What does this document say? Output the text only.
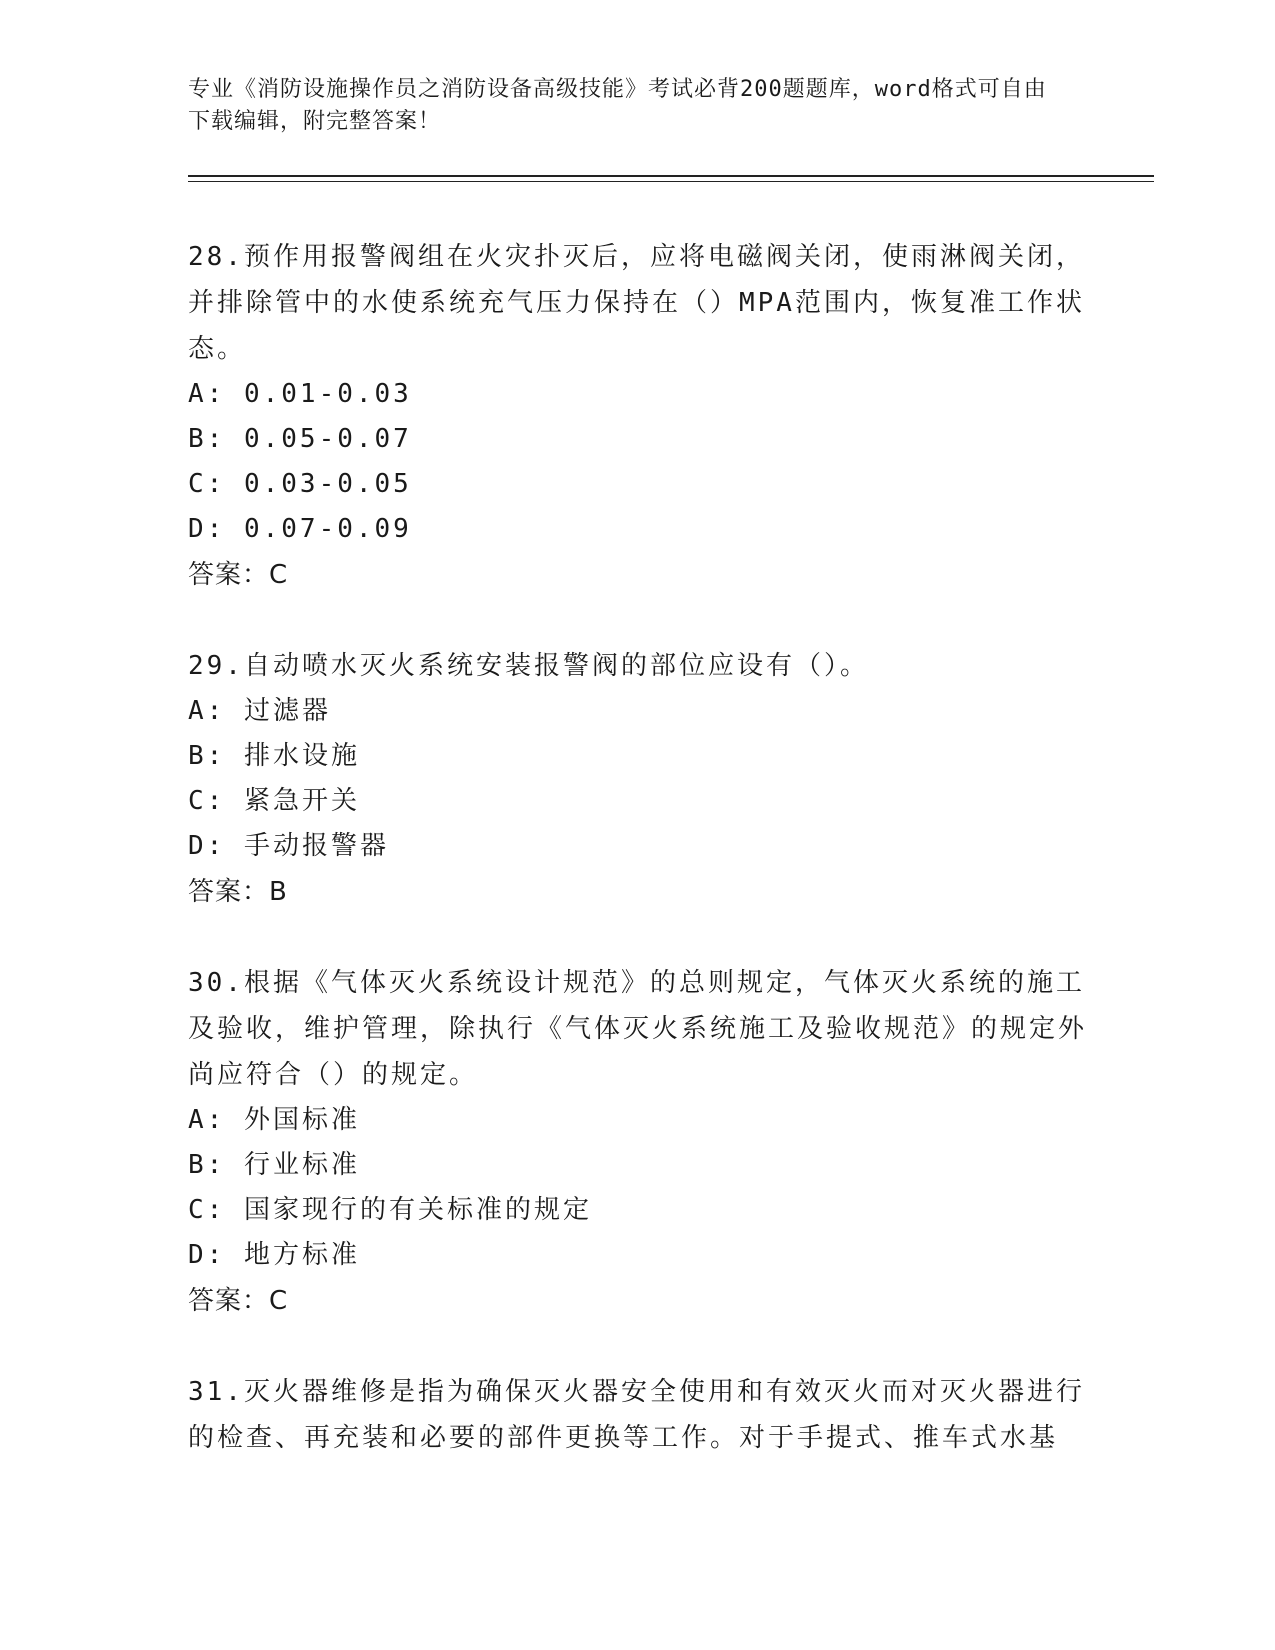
专业《消防设施操作员之消防设备高级技能》考试必背200题题库，word格式可自由下载编辑，附完整答案！
28.预作用报警阀组在火灾扑灭后，应将电磁阀关闭，使雨淋阀关闭，并排除管中的水使系统充气压力保持在（）MPA范围内，恢复准工作状态。
A: 0.01-0.03
B: 0.05-0.07
C: 0.03-0.05
D: 0.07-0.09
答案：C
29.自动喷水灭火系统安装报警阀的部位应设有（）。
A: 过滤器
B: 排水设施
C: 紧急开关
D: 手动报警器
答案：B
30.根据《气体灭火系统设计规范》的总则规定，气体灭火系统的施工及验收，维护管理，除执行《气体灭火系统施工及验收规范》的规定外尚应符合（）的规定。
A: 外国标准
B: 行业标准
C: 国家现行的有关标准的规定
D: 地方标准
答案：C
31.灭火器维修是指为确保灭火器安全使用和有效灭火而对灭火器进行的检查、再充装和必要的部件更换等工作。对于手提式、推车式水基
